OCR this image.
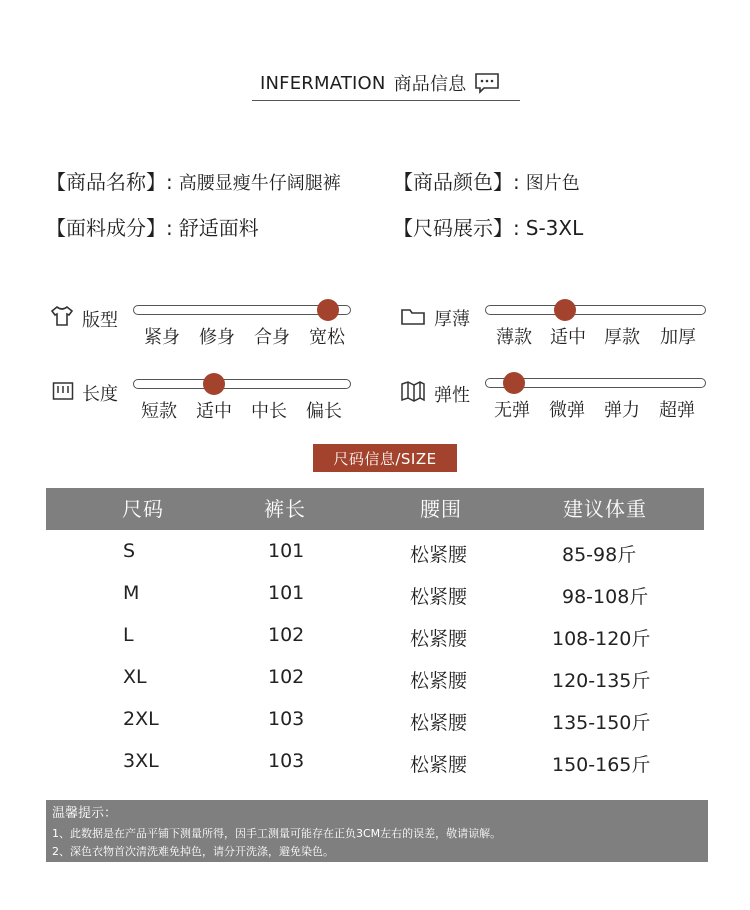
INFERMATION 商品信息
【商品名称】: 高腰显瘦牛仔阔腿裤	【商品颜色】: 图片色
【面料成分】: 舒适面料	【尺码展示】: S-3XL
版型
紧身	修身	合身	宽松
厚薄
薄款	适中	厚款	加厚
长度
短款	适中	中长	偏长
弹性
无弹	微弹	弹力	超弹
尺码信息/SIZE
尺码	裤长	腰围	建议体重
S	101	松紧腰	85-98斤
M	101	松紧腰	98-108斤
L	102	松紧腰	108-120斤
XL	102	松紧腰	120-135斤
2XL	103	松紧腰	135-150斤
3XL	103	松紧腰	150-165斤
温馨提示：
1、此数据是在产品平铺下测量所得，因手工测量可能存在正负3CM左右的误差，敬请谅解。
2、深色衣物首次清洗难免掉色，请分开洗涤，避免染色。
